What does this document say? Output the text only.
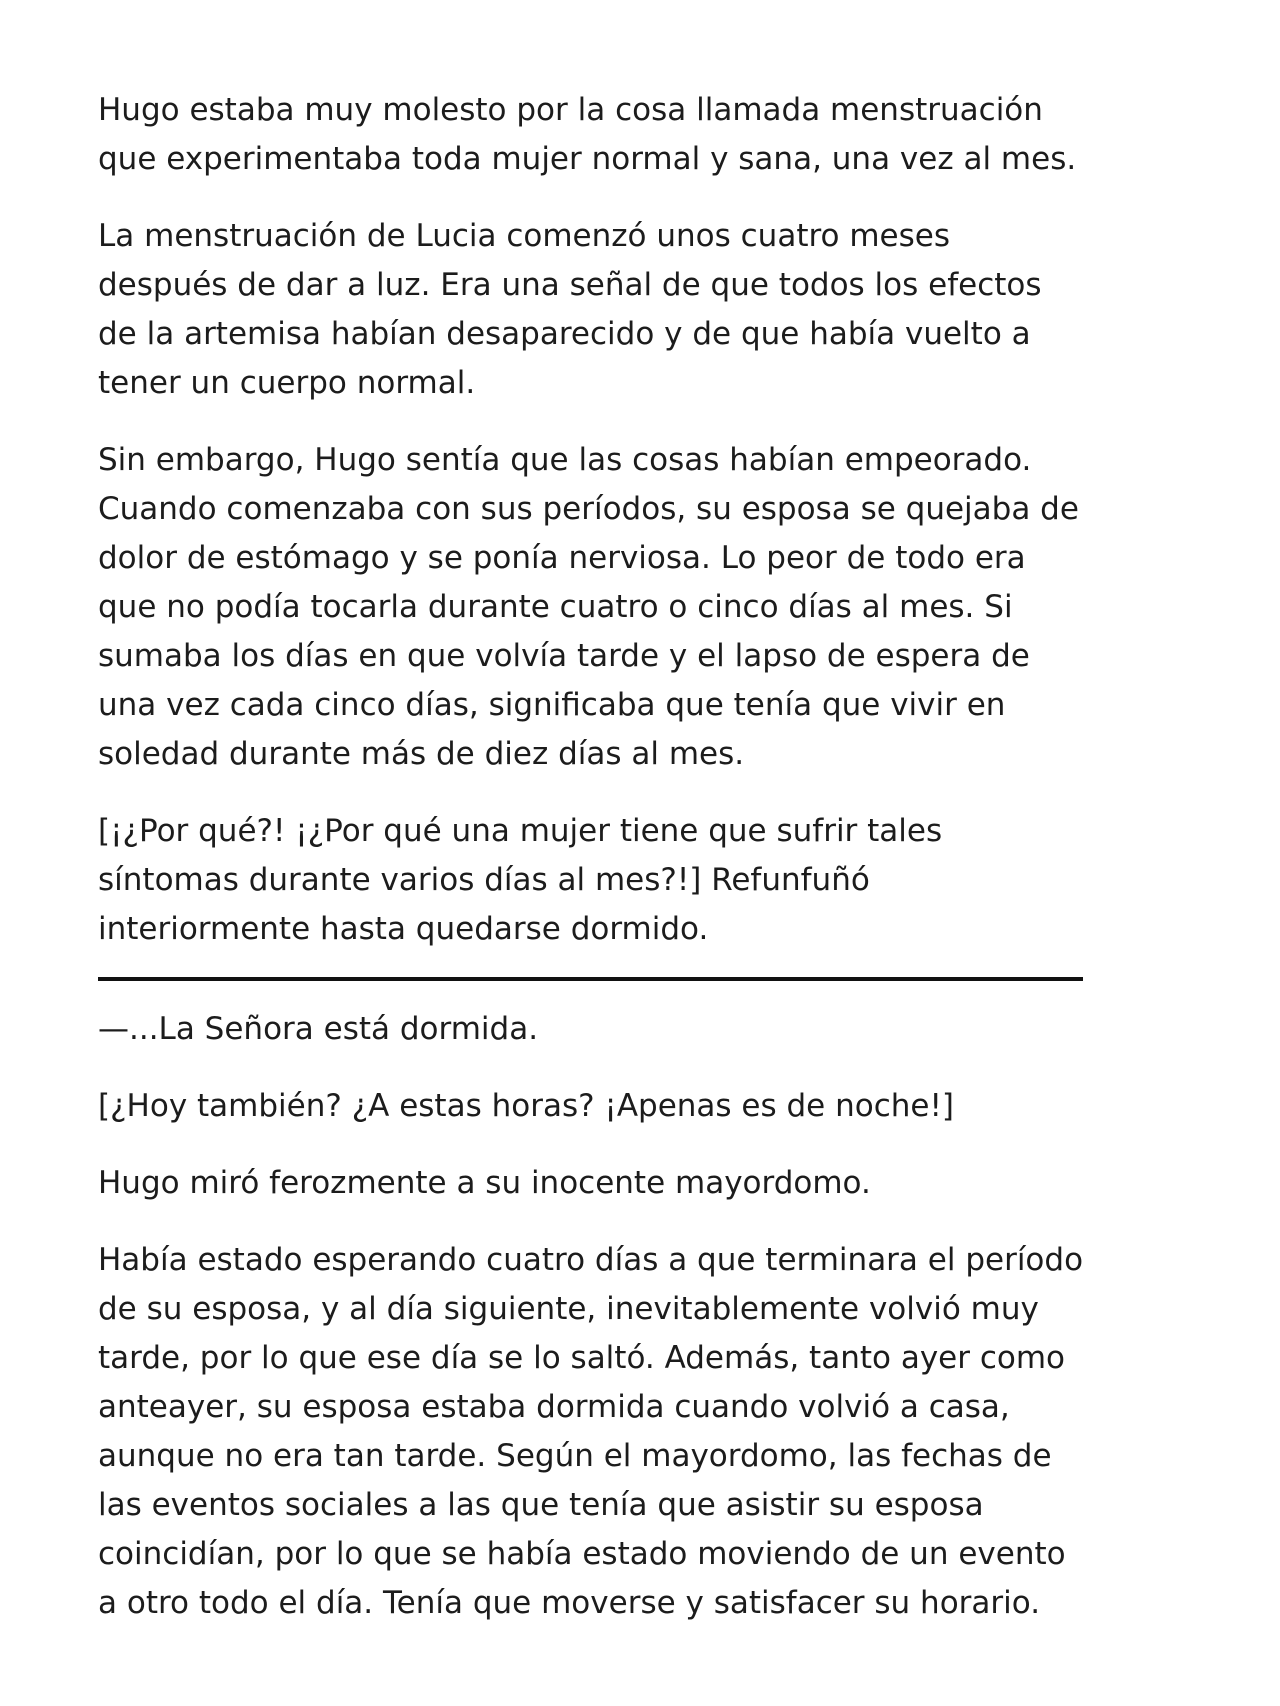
Hugo estaba muy molesto por la cosa llamada menstruación que experimentaba toda mujer normal y sana, una vez al mes.

La menstruación de Lucia comenzó unos cuatro meses después de dar a luz. Era una señal de que todos los efectos de la artemisa habían desaparecido y de que había vuelto a tener un cuerpo normal.

Sin embargo, Hugo sentía que las cosas habían empeorado. Cuando comenzaba con sus períodos, su esposa se quejaba de dolor de estómago y se ponía nerviosa. Lo peor de todo era que no podía tocarla durante cuatro o cinco días al mes. Si sumaba los días en que volvía tarde y el lapso de espera de una vez cada cinco días, significaba que tenía que vivir en soledad durante más de diez días al mes.

[¡¿Por qué?! ¡¿Por qué una mujer tiene que sufrir tales síntomas durante varios días al mes?!] Refunfuñó interiormente hasta quedarse dormido.

—...La Señora está dormida.

[¿Hoy también? ¿A estas horas? ¡Apenas es de noche!]

Hugo miró ferozmente a su inocente mayordomo.

Había estado esperando cuatro días a que terminara el período de su esposa, y al día siguiente, inevitablemente volvió muy tarde, por lo que ese día se lo saltó. Además, tanto ayer como anteayer, su esposa estaba dormida cuando volvió a casa, aunque no era tan tarde. Según el mayordomo, las fechas de las eventos sociales a las que tenía que asistir su esposa coincidían, por lo que se había estado moviendo de un evento a otro todo el día. Tenía que moverse y satisfacer su horario.
